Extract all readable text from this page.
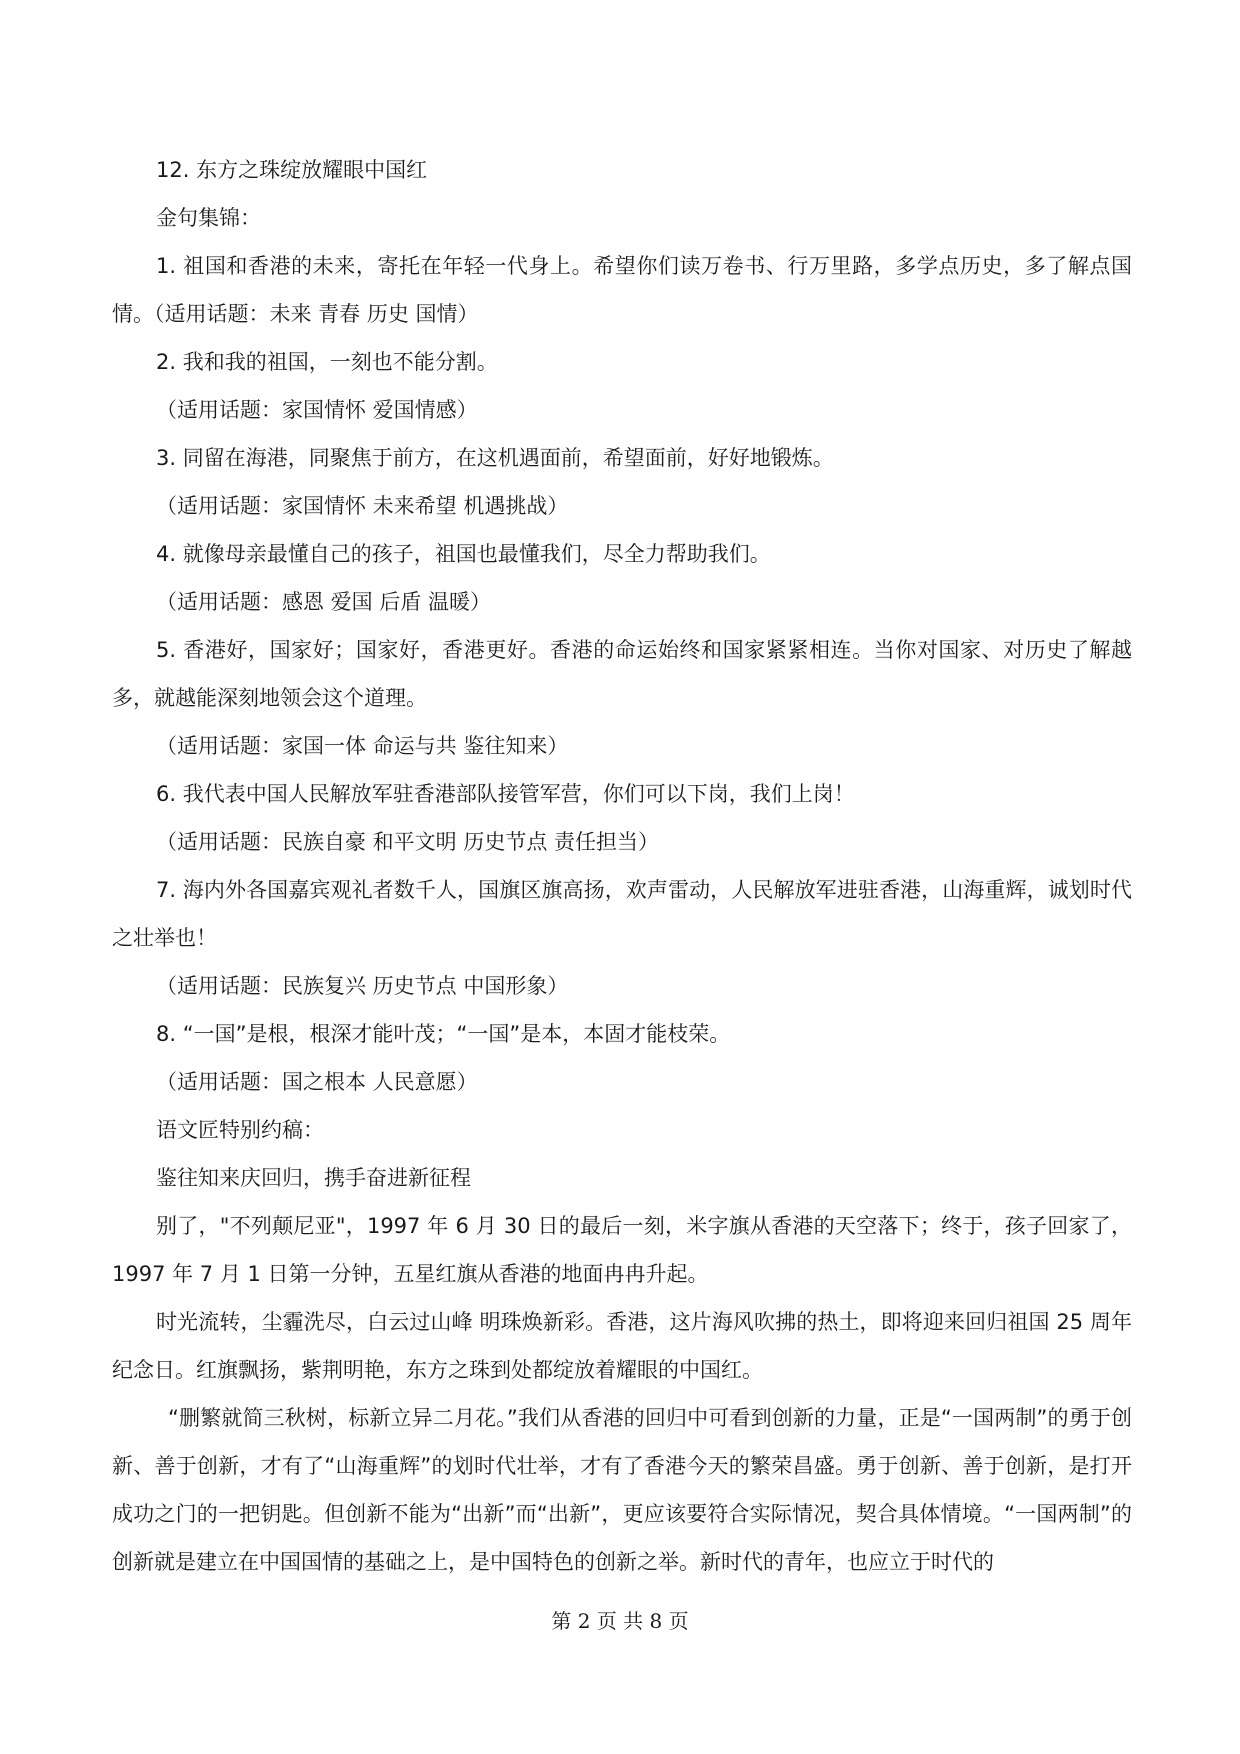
12. 东方之珠绽放耀眼中国红

金句集锦：

1. 祖国和香港的未来，寄托在年轻一代身上。希望你们读万卷书、行万里路，多学点历史，多了解点国情。（适用话题：未来 青春 历史 国情）

2. 我和我的祖国，一刻也不能分割。

（适用话题：家国情怀 爱国情感）

3. 同留在海港，同聚焦于前方，在这机遇面前，希望面前，好好地锻炼。

（适用话题：家国情怀 未来希望 机遇挑战）

4. 就像母亲最懂自己的孩子，祖国也最懂我们，尽全力帮助我们。

（适用话题：感恩 爱国 后盾 温暖）

5. 香港好，国家好；国家好，香港更好。香港的命运始终和国家紧紧相连。当你对国家、对历史了解越多，就越能深刻地领会这个道理。

（适用话题：家国一体 命运与共 鉴往知来）

6. 我代表中国人民解放军驻香港部队接管军营，你们可以下岗，我们上岗！

（适用话题：民族自豪 和平文明 历史节点 责任担当）

7. 海内外各国嘉宾观礼者数千人，国旗区旗高扬，欢声雷动，人民解放军进驻香港，山海重辉，诚划时代之壮举也！

（适用话题：民族复兴 历史节点 中国形象）

8. “一国”是根，根深才能叶茂；“一国”是本，本固才能枝荣。

（适用话题：国之根本 人民意愿）

语文匠特别约稿：

鉴往知来庆回归，携手奋进新征程

别了，"不列颠尼亚"，1997 年 6 月 30 日的最后一刻，米字旗从香港的天空落下；终于，孩子回家了，1997 年 7 月 1 日第一分钟，五星红旗从香港的地面冉冉升起。

时光流转，尘霾洗尽，白云过山峰 明珠焕新彩。香港，这片海风吹拂的热土，即将迎来回归祖国 25 周年纪念日。红旗飘扬，紫荆明艳，东方之珠到处都绽放着耀眼的中国红。

“删繁就简三秋树，标新立异二月花。”我们从香港的回归中可看到创新的力量，正是“一国两制”的勇于创新、善于创新，才有了“山海重辉”的划时代壮举，才有了香港今天的繁荣昌盛。勇于创新、善于创新，是打开成功之门的一把钥匙。但创新不能为“出新”而“出新”，更应该要符合实际情况，契合具体情境。“一国两制”的创新就是建立在中国国情的基础之上，是中国特色的创新之举。新时代的青年，也应立于时代的

第 2 页 共 8 页
